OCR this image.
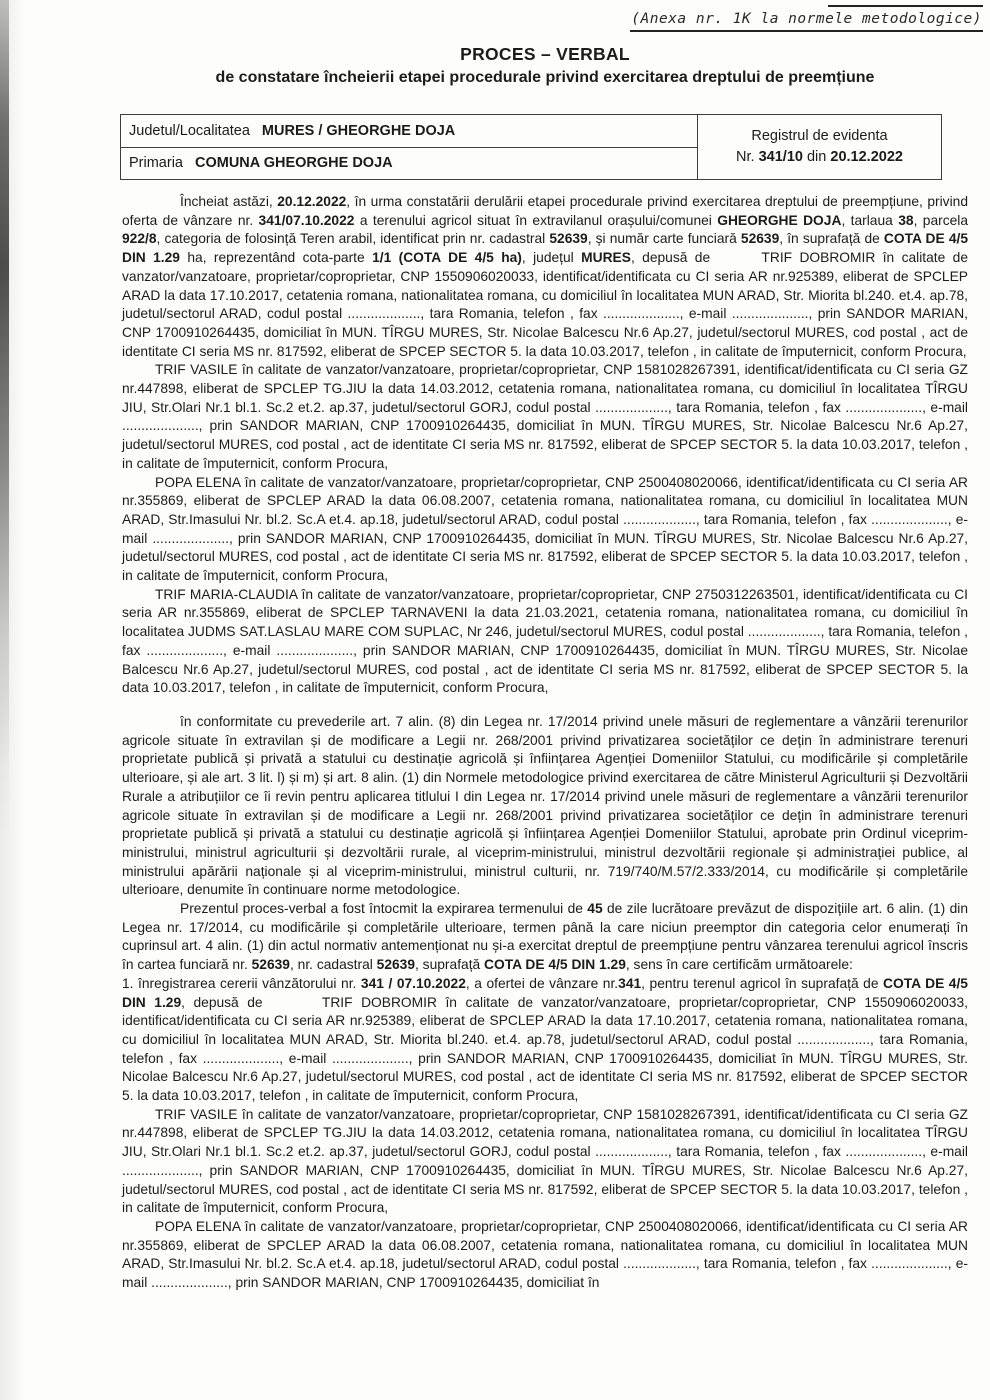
(Anexa nr. 1K la normele metodologice)
PROCES – VERBAL
de constatare încheierii etapei procedurale privind exercitarea dreptului de preemțiune
Judetul/Localitatea MURES / GHEORGHE DOJA
Primaria COMUNA GHEORGHE DOJA
Registrul de evidenta
Nr. 341/10 din 20.12.2022

Încheiat astăzi, 20.12.2022, în urma constatării derulării etapei procedurale privind exercitarea dreptului de preempțiune, privind oferta de vânzare nr. 341/07.10.2022 a terenului agricol situat în extravilanul orașului/comunei GHEORGHE DOJA, tarlaua 38, parcela 922/8, categoria de folosință Teren arabil, identificat prin nr. cadastral 52639, și număr carte funciară 52639, în suprafață de COTA DE 4/5 DIN 1.29 ha, reprezentând cota-parte 1/1 (COTA DE 4/5 ha), județul MURES, depusă de       TRIF DOBROMIR în calitate de vanzator/vanzatoare, proprietar/coproprietar, CNP 1550906020033, identificat/identificata cu CI seria AR nr.925389, eliberat de SPCLEP ARAD la data 17.10.2017, cetatenia romana, nationalitatea romana, cu domiciliul în localitatea MUN ARAD, Str. Miorita bl.240. et.4. ap.78, judetul/sectorul ARAD, codul postal ..................., tara Romania, telefon , fax ...................., e-mail ...................., prin SANDOR MARIAN, CNP 1700910264435, domiciliat în MUN. TÎRGU MURES, Str. Nicolae Balcescu Nr.6 Ap.27, judetul/sectorul MURES, cod postal , act de identitate CI seria MS nr. 817592, eliberat de SPCEP SECTOR 5. la data 10.03.2017, telefon , in calitate de împuternicit, conform Procura,

TRIF VASILE în calitate de vanzator/vanzatoare, proprietar/coproprietar, CNP 1581028267391, identificat/identificata cu CI seria GZ nr.447898, eliberat de SPCLEP TG.JIU la data 14.03.2012, cetatenia romana, nationalitatea romana, cu domiciliul în localitatea TÎRGU JIU, Str.Olari Nr.1 bl.1. Sc.2 et.2. ap.37, judetul/sectorul GORJ, codul postal ..................., tara Romania, telefon , fax ...................., e-mail ...................., prin SANDOR MARIAN, CNP 1700910264435, domiciliat în MUN. TÎRGU MURES, Str. Nicolae Balcescu Nr.6 Ap.27, judetul/sectorul MURES, cod postal , act de identitate CI seria MS nr. 817592, eliberat de SPCEP SECTOR 5. la data 10.03.2017, telefon , in calitate de împuternicit, conform Procura,

POPA ELENA în calitate de vanzator/vanzatoare, proprietar/coproprietar, CNP 2500408020066, identificat/identificata cu CI seria AR nr.355869, eliberat de SPCLEP ARAD la data 06.08.2007, cetatenia romana, nationalitatea romana, cu domiciliul în localitatea MUN ARAD, Str.Imasului Nr. bl.2. Sc.A et.4. ap.18, judetul/sectorul ARAD, codul postal ..................., tara Romania, telefon , fax ...................., e-mail ...................., prin SANDOR MARIAN, CNP 1700910264435, domiciliat în MUN. TÎRGU MURES, Str. Nicolae Balcescu Nr.6 Ap.27, judetul/sectorul MURES, cod postal , act de identitate CI seria MS nr. 817592, eliberat de SPCEP SECTOR 5. la data 10.03.2017, telefon , in calitate de împuternicit, conform Procura,

TRIF MARIA-CLAUDIA în calitate de vanzator/vanzatoare, proprietar/coproprietar, CNP 2750312263501, identificat/identificata cu CI seria AR nr.355869, eliberat de SPCLEP TARNAVENI la data 21.03.2021, cetatenia romana, nationalitatea romana, cu domiciliul în localitatea JUDMS SAT.LASLAU MARE COM SUPLAC, Nr 246, judetul/sectorul MURES, codul postal ..................., tara Romania, telefon , fax ...................., e-mail ...................., prin SANDOR MARIAN, CNP 1700910264435, domiciliat în MUN. TÎRGU MURES, Str. Nicolae Balcescu Nr.6 Ap.27, judetul/sectorul MURES, cod postal , act de identitate CI seria MS nr. 817592, eliberat de SPCEP SECTOR 5. la data 10.03.2017, telefon , in calitate de împuternicit, conform Procura,

în conformitate cu prevederile art. 7 alin. (8) din Legea nr. 17/2014 privind unele măsuri de reglementare a vânzării terenurilor agricole situate în extravilan și de modificare a Legii nr. 268/2001 privind privatizarea societăților ce dețin în administrare terenuri proprietate publică și privată a statului cu destinație agricolă și înființarea Agenției Domeniilor Statului, cu modificările și completările ulterioare, și ale art. 3 lit. l) și m) și art. 8 alin. (1) din Normele metodologice privind exercitarea de către Ministerul Agriculturii și Dezvoltării Rurale a atribuțiilor ce îi revin pentru aplicarea titlului I din Legea nr. 17/2014 privind unele măsuri de reglementare a vânzării terenurilor agricole situate în extravilan și de modificare a Legii nr. 268/2001 privind privatizarea societăților ce dețin în administrare terenuri proprietate publică și privată a statului cu destinație agricolă și înființarea Agenției Domeniilor Statului, aprobate prin Ordinul viceprim-ministrului, ministrul agriculturii și dezvoltării rurale, al viceprim-ministrului, ministrul dezvoltării regionale și administrației publice, al ministrului apărării naționale și al viceprim-ministrului, ministrul culturii, nr. 719/740/M.57/2.333/2014, cu modificările și completările ulterioare, denumite în continuare norme metodologice.

Prezentul proces-verbal a fost întocmit la expirarea termenului de 45 de zile lucrătoare prevăzut de dispozițiile art. 6 alin. (1) din Legea nr. 17/2014, cu modificările și completările ulterioare, termen până la care niciun preemptor din categoria celor enumerați în cuprinsul art. 4 alin. (1) din actul normativ antemenționat nu și-a exercitat dreptul de preempțiune pentru vânzarea terenului agricol înscris în cartea funciară nr. 52639, nr. cadastral 52639, suprafață COTA DE 4/5 DIN 1.29, sens în care certificăm următoarele:

1. înregistrarea cererii vânzătorului nr. 341 / 07.10.2022, a ofertei de vânzare nr.341, pentru terenul agricol în suprafață de COTA DE 4/5 DIN 1.29, depusă de       TRIF DOBROMIR în calitate de vanzator/vanzatoare, proprietar/coproprietar, CNP 1550906020033, identificat/identificata cu CI seria AR nr.925389, eliberat de SPCLEP ARAD la data 17.10.2017, cetatenia romana, nationalitatea romana, cu domiciliul în localitatea MUN ARAD, Str. Miorita bl.240. et.4. ap.78, judetul/sectorul ARAD, codul postal ..................., tara Romania, telefon , fax ...................., e-mail ...................., prin SANDOR MARIAN, CNP 1700910264435, domiciliat în MUN. TÎRGU MURES, Str. Nicolae Balcescu Nr.6 Ap.27, judetul/sectorul MURES, cod postal , act de identitate CI seria MS nr. 817592, eliberat de SPCEP SECTOR 5. la data 10.03.2017, telefon , in calitate de împuternicit, conform Procura,

TRIF VASILE în calitate de vanzator/vanzatoare, proprietar/coproprietar, CNP 1581028267391, identificat/identificata cu CI seria GZ nr.447898, eliberat de SPCLEP TG.JIU la data 14.03.2012, cetatenia romana, nationalitatea romana, cu domiciliul în localitatea TÎRGU JIU, Str.Olari Nr.1 bl.1. Sc.2 et.2. ap.37, judetul/sectorul GORJ, codul postal ..................., tara Romania, telefon , fax ...................., e-mail ...................., prin SANDOR MARIAN, CNP 1700910264435, domiciliat în MUN. TÎRGU MURES, Str. Nicolae Balcescu Nr.6 Ap.27, judetul/sectorul MURES, cod postal , act de identitate CI seria MS nr. 817592, eliberat de SPCEP SECTOR 5. la data 10.03.2017, telefon , in calitate de împuternicit, conform Procura,

POPA ELENA în calitate de vanzator/vanzatoare, proprietar/coproprietar, CNP 2500408020066, identificat/identificata cu CI seria AR nr.355869, eliberat de SPCLEP ARAD la data 06.08.2007, cetatenia romana, nationalitatea romana, cu domiciliul în localitatea MUN ARAD, Str.Imasului Nr. bl.2. Sc.A et.4. ap.18, judetul/sectorul ARAD, codul postal ..................., tara Romania, telefon , fax ...................., e-mail ...................., prin SANDOR MARIAN, CNP 1700910264435, domiciliat în
